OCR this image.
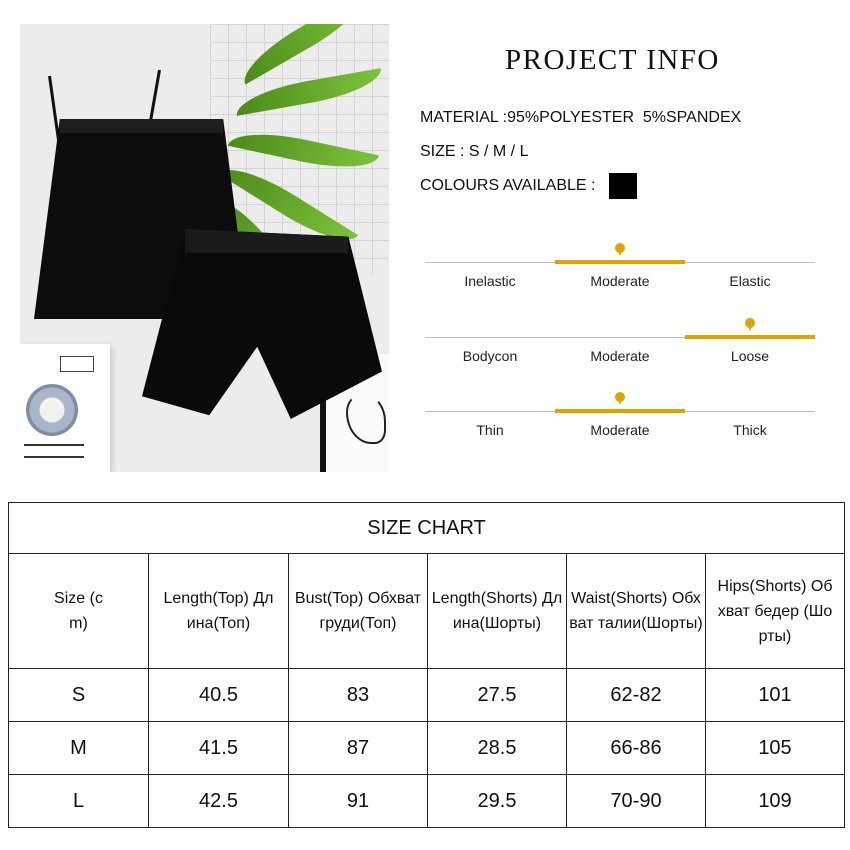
PROJECT INFO
MATERIAL :95%POLYESTER  5%SPANDEX
SIZE : S / M / L
COLOURS AVAILABLE :
Inelastic	Moderate	Elastic
Bodycon	Moderate	Loose
Thin	Moderate	Thick
SIZE CHART					
Size (cm)	Length(Top) Длина(Топ)	Bust(Top) Обхват груди(Топ)	Length(Shorts) Длина(Шорты)	Waist(Shorts) Обхват талии(Шорты)	Hips(Shorts) Обхват бедер (Шорты)
S	40.5	83	27.5	62-82	101
M	41.5	87	28.5	66-86	105
L	42.5	91	29.5	70-90	109
